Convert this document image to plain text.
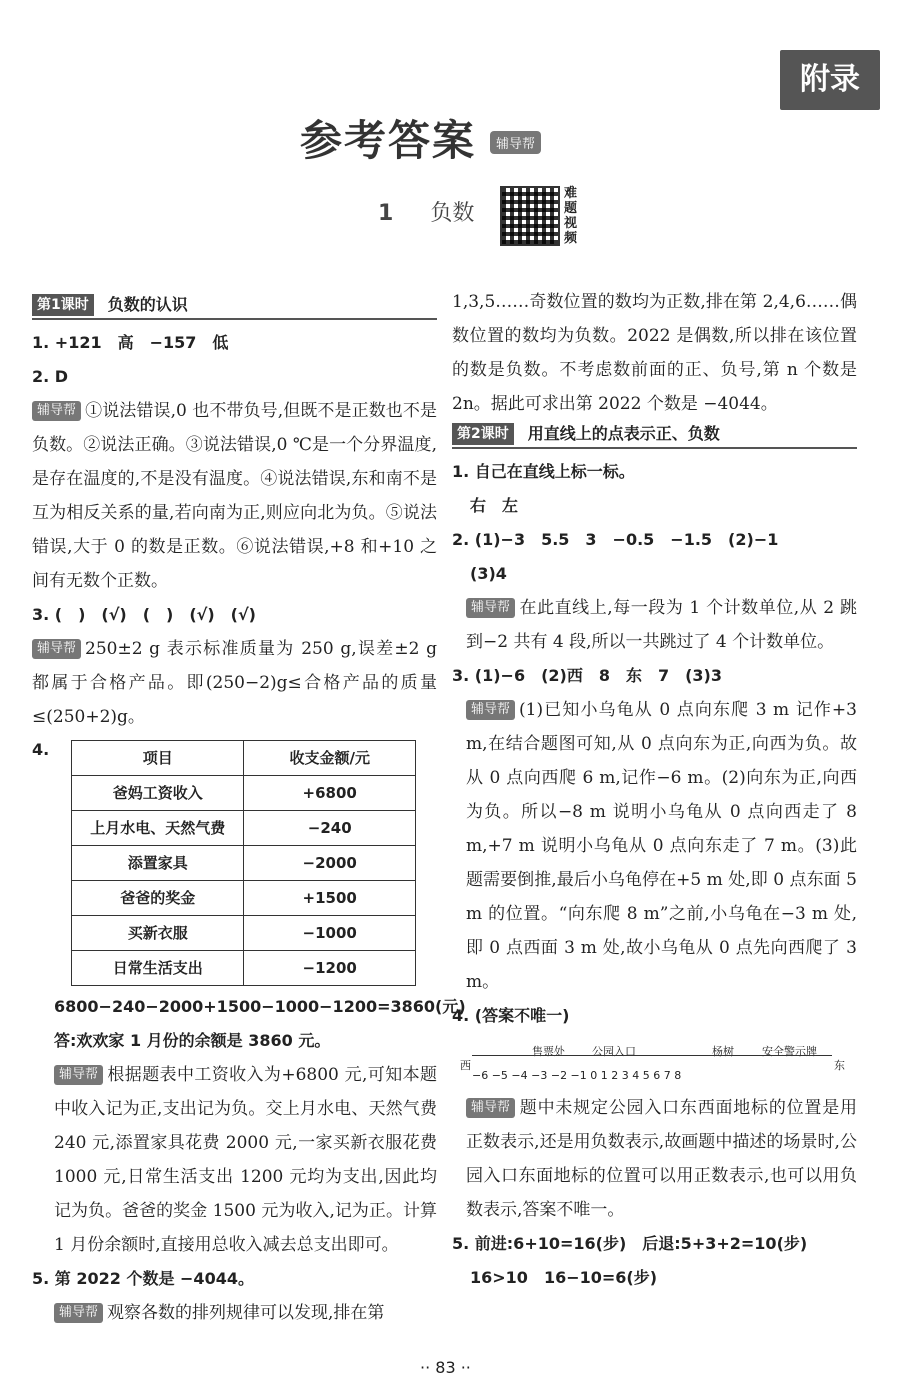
附录
参考答案	辅导帮
1 负数
难题视频
第1课时	负数的认识
1. +121　高　−157　低
2. D
辅导帮 ①说法错误,0 也不带负号,但既不是正数也不是负数。②说法正确。③说法错误,0 ℃是一个分界温度,是存在温度的,不是没有温度。④说法错误,东和南不是互为相反关系的量,若向南为正,则应向北为负。⑤说法错误,大于 0 的数是正数。⑥说法错误,+8 和+10 之间有无数个正数。
3. (　)　(√)　(　)　(√)　(√)
辅导帮 250±2 g 表示标准质量为 250 g,误差±2 g 都属于合格产品。即(250−2)g≤合格产品的质量≤(250+2)g。
4.	项目	收支金额/元
爸妈工资收入	+6800
上月水电、天然气费	−240
添置家具	−2000
爸爸的奖金	+1500
买新衣服	−1000
日常生活支出	−1200
6800−240−2000+1500−1000−1200=3860(元)
答:欢欢家 1 月份的余额是 3860 元。
辅导帮 根据题表中工资收入为+6800 元,可知本题中收入记为正,支出记为负。交上月水电、天然气费 240 元,添置家具花费 2000 元,一家买新衣服花费 1000 元,日常生活支出 1200 元均为支出,因此均记为负。爸爸的奖金 1500 元为收入,记为正。计算 1 月份余额时,直接用总收入减去总支出即可。
5. 第 2022 个数是 −4044。
辅导帮 观察各数的排列规律可以发现,排在第
1,3,5……奇数位置的数均为正数,排在第 2,4,6……偶数位置的数均为负数。2022 是偶数,所以排在该位置的数是负数。不考虑数前面的正、负号,第 n 个数是 2n。据此可求出第 2022 个数是 −4044。
第2课时	用直线上的点表示正、负数
1. 自己在直线上标一标。
右　左
2. (1)−3　5.5　3　−0.5　−1.5　(2)−1
(3)4
辅导帮 在此直线上,每一段为 1 个计数单位,从 2 跳到−2 共有 4 段,所以一共跳过了 4 个计数单位。
3. (1)−6　(2)西　8　东　7　(3)3
辅导帮 (1)已知小乌龟从 0 点向东爬 3 m 记作+3 m,在结合题图可知,从 0 点向东为正,向西为负。故从 0 点向西爬 6 m,记作−6 m。(2)向东为正,向西为负。所以−8 m 说明小乌龟从 0 点向西走了 8 m,+7 m 说明小乌龟从 0 点向东走了 7 m。(3)此题需要倒推,最后小乌龟停在+5 m 处,即 0 点东面 5 m 的位置。“向东爬 8 m”之前,小乌龟在−3 m 处,即 0 点西面 3 m 处,故小乌龟从 0 点先向西爬了 3 m。
4. (答案不唯一)
售票处 公园入口	杨树	安全警示牌
西	东
−6 −5 −4 −3 −2 −1 0 1 2 3 4 5 6 7 8
辅导帮 题中未规定公园入口东西面地标的位置是用正数表示,还是用负数表示,故画题中描述的场景时,公园入口东面地标的位置可以用正数表示,也可以用负数表示,答案不唯一。
5. 前进:6+10=16(步)　后退:5+3+2=10(步)
16>10　16−10=6(步)
·· 83 ··
